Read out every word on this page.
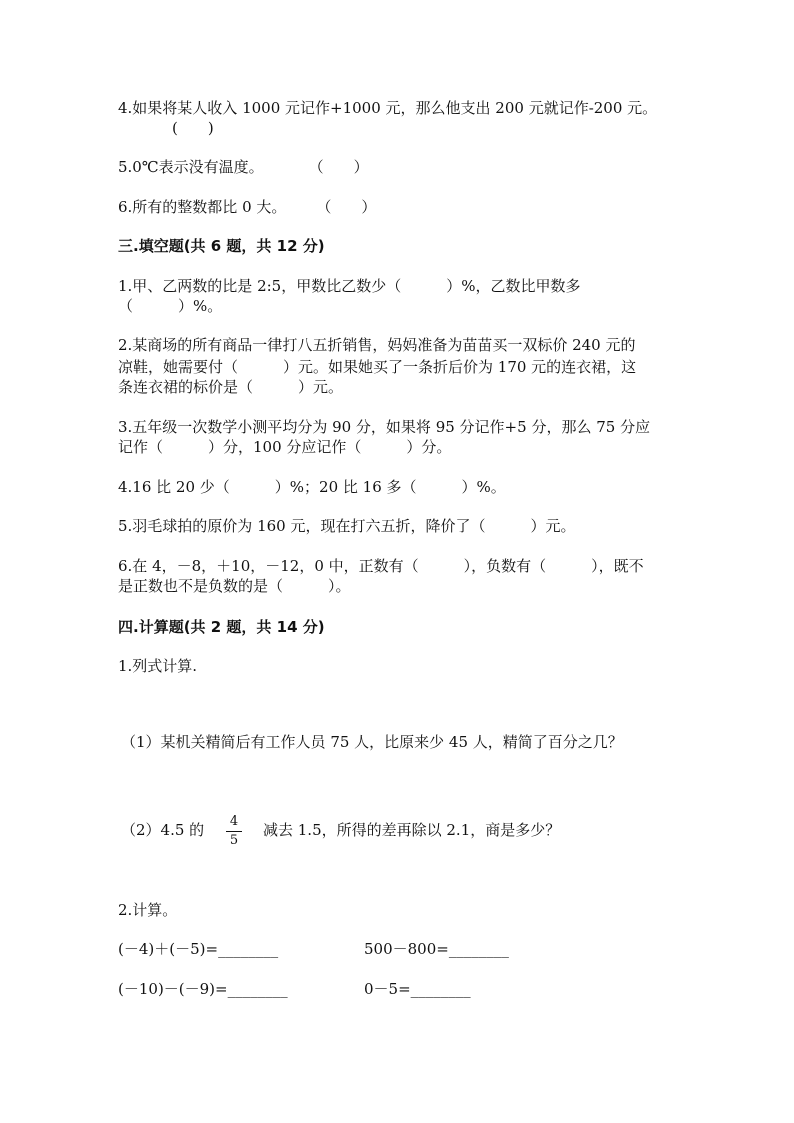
4.如果将某人收入 1000 元记作+1000 元，那么他支出 200 元就记作-200 元。
(　　)
5.0℃表示没有温度。　　　　（　　）
6.所有的整数都比 0 大。　　　（　　）
三.填空题(共 6 题，共 12 分)
1.甲、乙两数的比是 2:5，甲数比乙数少（　　　）%，乙数比甲数多
（　　　）%。
2.某商场的所有商品一律打八五折销售，妈妈准备为苗苗买一双标价 240 元的
凉鞋，她需要付（　　　）元。如果她买了一条折后价为 170 元的连衣裙，这
条连衣裙的标价是（　　　）元。
3.五年级一次数学小测平均分为 90 分，如果将 95 分记作+5 分，那么 75 分应
记作（　　　）分，100 分应记作（　　　）分。
4.16 比 20 少（　　　）%；20 比 16 多（　　　）%。
5.羽毛球拍的原价为 160 元，现在打六五折，降价了（　　　）元。
6.在 4，－8，＋10，－12，0 中，正数有（　　　），负数有（　　　），既不
是正数也不是负数的是（　　　）。
四.计算题(共 2 题，共 14 分)
1.列式计算.
（1）某机关精简后有工作人员 75 人，比原来少 45 人，精简了百分之几？
（2）4.5 的 $\frac{4}{5}$ 减去 1.5，所得的差再除以 2.1，商是多少？
2.计算。
(－4)＋(－5)=________	500－800=________
(－10)－(－9)=________	0－5=________
